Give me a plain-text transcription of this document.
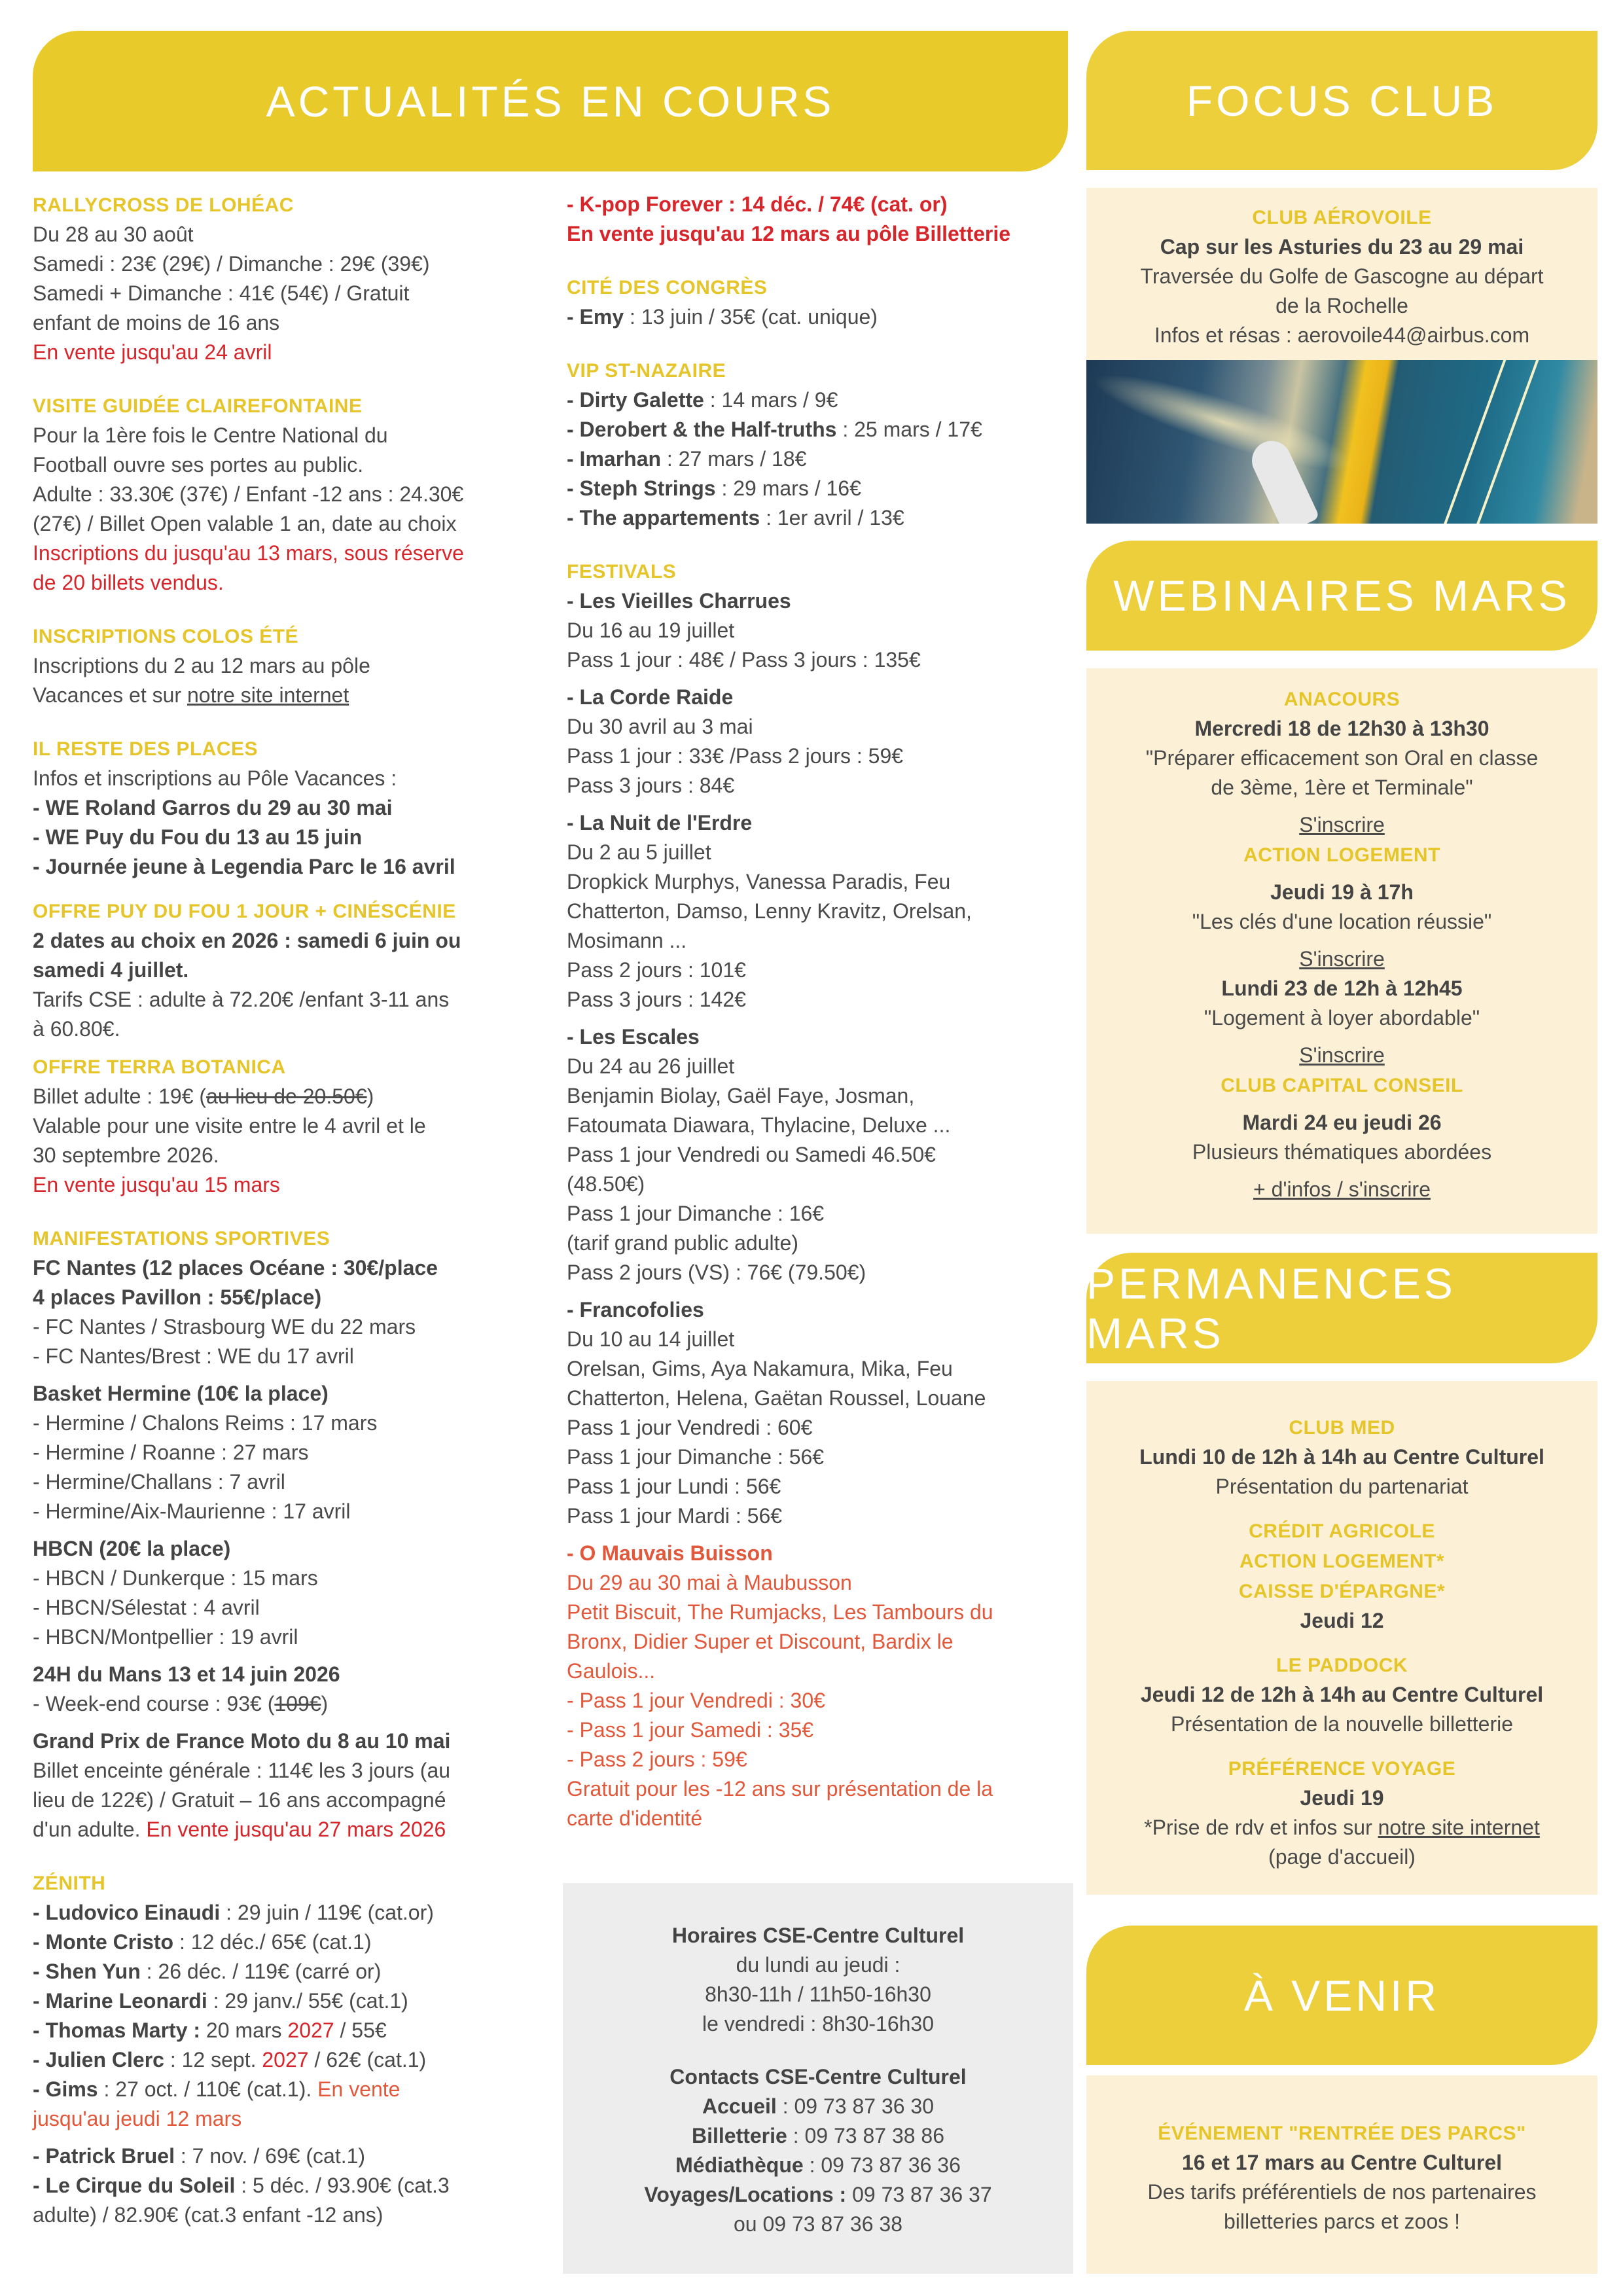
ACTUALITÉS EN COURS	FOCUS CLUB
WEBINAIRES MARS
PERMANENCES MARS
À VENIR
RALLYCROSS DE LOHÉAC
Du 28 au 30 août
Samedi : 23€ (29€) / Dimanche : 29€ (39€)
Samedi + Dimanche : 41€ (54€) / Gratuit
enfant de moins de 16 ans
En vente jusqu'au 24 avril
VISITE GUIDÉE CLAIREFONTAINE
Pour la 1ère fois le Centre National du
Football ouvre ses portes au public.
Adulte : 33.30€ (37€) / Enfant -12 ans : 24.30€
(27€) / Billet Open valable 1 an, date au choix
Inscriptions du jusqu'au 13 mars, sous réserve
de 20 billets vendus.
INSCRIPTIONS COLOS ÉTÉ
Inscriptions du 2 au 12 mars au pôle
Vacances et sur notre site internet
IL RESTE DES PLACES
Infos et inscriptions au Pôle Vacances :
- WE Roland Garros du 29 au 30 mai
- WE Puy du Fou du 13 au 15 juin
- Journée jeune à Legendia Parc le 16 avril
OFFRE PUY DU FOU 1 JOUR + CINÉSCÉNIE
2 dates au choix en 2026 : samedi 6 juin ou
samedi 4 juillet.
Tarifs CSE : adulte à 72.20€ /enfant 3-11 ans
à 60.80€.
OFFRE TERRA BOTANICA
Billet adulte : 19€ (au lieu de 20.50€)
Valable pour une visite entre le 4 avril et le
30 septembre 2026.
En vente jusqu'au 15 mars
MANIFESTATIONS SPORTIVES
FC Nantes (12 places Océane : 30€/place
4 places Pavillon : 55€/place)
- FC Nantes / Strasbourg WE du 22 mars
- FC Nantes/Brest : WE du 17 avril
Basket Hermine (10€ la place)
- Hermine / Chalons Reims : 17 mars
- Hermine / Roanne : 27 mars
- Hermine/Challans : 7 avril
- Hermine/Aix-Maurienne : 17 avril
HBCN (20€ la place)
- HBCN / Dunkerque : 15 mars
- HBCN/Sélestat : 4 avril
- HBCN/Montpellier : 19 avril
24H du Mans 13 et 14 juin 2026
- Week-end course : 93€ (109€)
Grand Prix de France Moto du 8 au 10 mai
Billet enceinte générale : 114€ les 3 jours (au
lieu de 122€) / Gratuit – 16 ans accompagné
d'un adulte. En vente jusqu'au 27 mars 2026
ZÉNITH
- Ludovico Einaudi : 29 juin / 119€ (cat.or)
- Monte Cristo : 12 déc./ 65€ (cat.1)
- Shen Yun : 26 déc. / 119€ (carré or)
- Marine Leonardi : 29 janv./ 55€ (cat.1)
- Thomas Marty : 20 mars 2027 / 55€
- Julien Clerc : 12 sept. 2027 / 62€ (cat.1)
- Gims : 27 oct. / 110€ (cat.1). En vente
jusqu'au jeudi 12 mars
- Patrick Bruel : 7 nov. / 69€ (cat.1)
- Le Cirque du Soleil : 5 déc. / 93.90€ (cat.3
adulte) / 82.90€ (cat.3 enfant -12 ans)
- K-pop Forever : 14 déc. / 74€ (cat. or)
En vente jusqu'au 12 mars au pôle Billetterie
CITÉ DES CONGRÈS
- Emy : 13 juin / 35€ (cat. unique)
VIP ST-NAZAIRE
- Dirty Galette : 14 mars / 9€
- Derobert & the Half-truths : 25 mars / 17€
- Imarhan : 27 mars / 18€
- Steph Strings : 29 mars / 16€
- The appartements : 1er avril / 13€
FESTIVALS
- Les Vieilles Charrues
Du 16 au 19 juillet
Pass 1 jour : 48€ / Pass 3 jours : 135€
- La Corde Raide
Du 30 avril au 3 mai
Pass 1 jour : 33€ /Pass 2 jours : 59€
Pass 3 jours : 84€
- La Nuit de l'Erdre
Du 2 au 5 juillet
Dropkick Murphys, Vanessa Paradis, Feu
Chatterton, Damso, Lenny Kravitz, Orelsan,
Mosimann ...
Pass 2 jours : 101€
Pass 3 jours : 142€
- Les Escales
Du 24 au 26 juillet
Benjamin Biolay, Gaël Faye, Josman,
Fatoumata Diawara, Thylacine, Deluxe ...
Pass 1 jour Vendredi ou Samedi 46.50€
(48.50€)
Pass 1 jour Dimanche : 16€
(tarif grand public adulte)
Pass 2 jours (VS) : 76€ (79.50€)
- Francofolies
Du 10 au 14 juillet
Orelsan, Gims, Aya Nakamura, Mika, Feu
Chatterton, Helena, Gaëtan Roussel, Louane
Pass 1 jour Vendredi : 60€
Pass 1 jour Dimanche : 56€
Pass 1 jour Lundi : 56€
Pass 1 jour Mardi : 56€
- O Mauvais Buisson
Du 29 au 30 mai à Maubusson
Petit Biscuit, The Rumjacks, Les Tambours du
Bronx, Didier Super et Discount, Bardix le
Gaulois...
- Pass 1 jour Vendredi : 30€
- Pass 1 jour Samedi : 35€
- Pass 2 jours : 59€
Gratuit pour les -12 ans sur présentation de la
carte d'identité
Horaires CSE-Centre Culturel
du lundi au jeudi :
8h30-11h / 11h50-16h30
le vendredi : 8h30-16h30
Contacts CSE-Centre Culturel
Accueil : 09 73 87 36 30
Billetterie : 09 73 87 38 86
Médiathèque : 09 73 87 36 36
Voyages/Locations : 09 73 87 36 37
ou 09 73 87 36 38
CLUB AÉROVOILE
Cap sur les Asturies du 23 au 29 mai
Traversée du Golfe de Gascogne au départ
de la Rochelle
Infos et résas : aerovoile44@airbus.com
ANACOURS
Mercredi 18 de 12h30 à 13h30
"Préparer efficacement son Oral en classe
de 3ème, 1ère et Terminale"
S'inscrire
ACTION LOGEMENT
Jeudi 19 à 17h
"Les clés d'une location réussie"
S'inscrire
Lundi 23 de 12h à 12h45
"Logement à loyer abordable"
S'inscrire
CLUB CAPITAL CONSEIL
Mardi 24 eu jeudi 26
Plusieurs thématiques abordées
+ d'infos / s'inscrire
CLUB MED
Lundi 10 de 12h à 14h au Centre Culturel
Présentation du partenariat
CRÉDIT AGRICOLE
ACTION LOGEMENT*
CAISSE D'ÉPARGNE*
Jeudi 12
LE PADDOCK
Jeudi 12 de 12h à 14h au Centre Culturel
Présentation de la nouvelle billetterie
PRÉFÉRENCE VOYAGE
Jeudi 19
*Prise de rdv et infos sur notre site internet
(page d'accueil)
ÉVÉNEMENT "RENTRÉE DES PARCS"
16 et 17 mars au Centre Culturel
Des tarifs préférentiels de nos partenaires
billetteries parcs et zoos !
